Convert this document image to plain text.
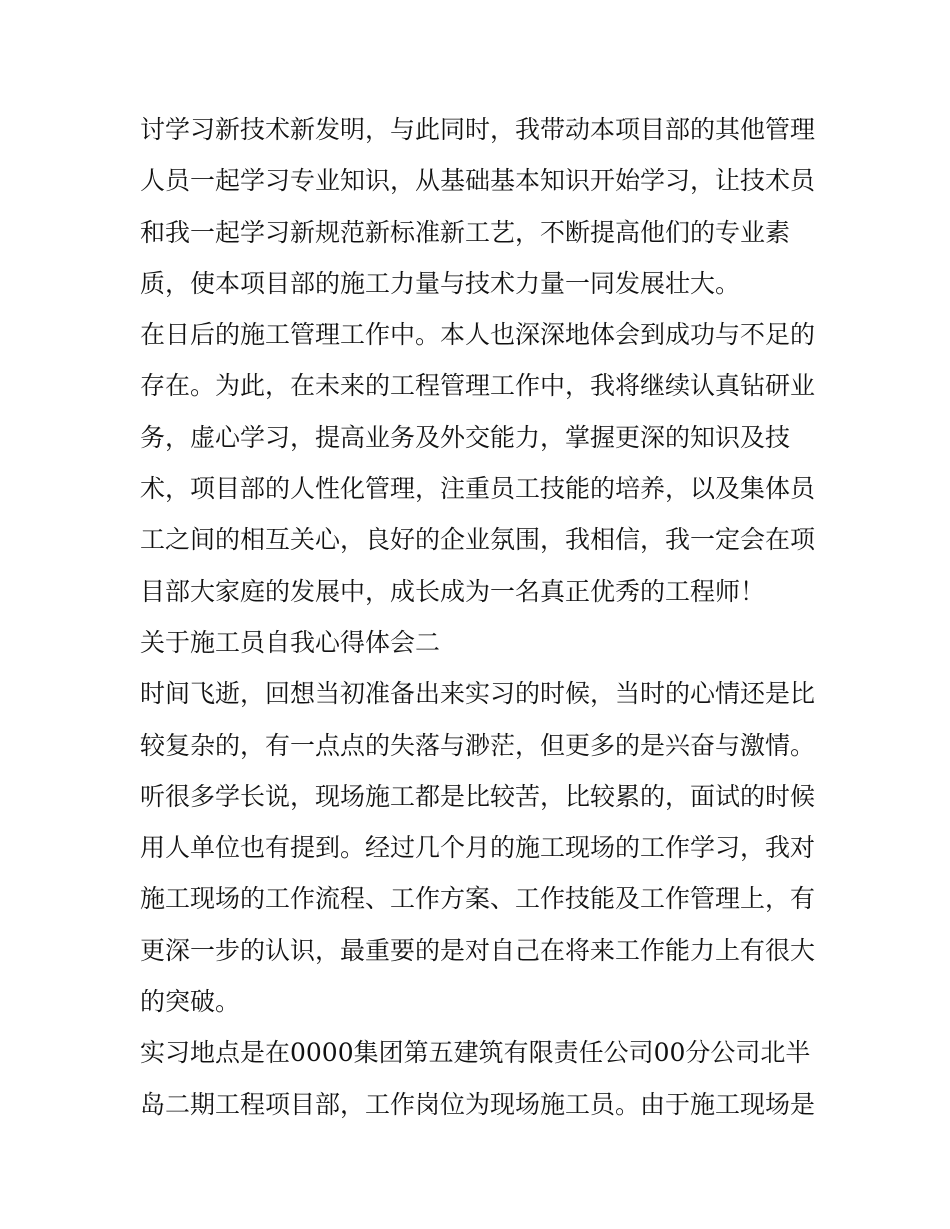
讨学习新技术新发明，与此同时，我带动本项目部的其他管理
人员一起学习专业知识，从基础基本知识开始学习，让技术员
和我一起学习新规范新标准新工艺，不断提高他们的专业素
质，使本项目部的施工力量与技术力量一同发展壮大。
在日后的施工管理工作中。本人也深深地体会到成功与不足的
存在。为此，在未来的工程管理工作中，我将继续认真钻研业
务，虚心学习，提高业务及外交能力，掌握更深的知识及技
术，项目部的人性化管理，注重员工技能的培养，以及集体员
工之间的相互关心，良好的企业氛围，我相信，我一定会在项
目部大家庭的发展中，成长成为一名真正优秀的工程师！
关于施工员自我心得体会二
时间飞逝，回想当初准备出来实习的时候，当时的心情还是比
较复杂的，有一点点的失落与渺茫，但更多的是兴奋与激情。
听很多学长说，现场施工都是比较苦，比较累的，面试的时候
用人单位也有提到。经过几个月的施工现场的工作学习，我对
施工现场的工作流程、工作方案、工作技能及工作管理上，有
更深一步的认识，最重要的是对自己在将来工作能力上有很大
的突破。
实习地点是在0000集团第五建筑有限责任公司00分公司北半
岛二期工程项目部，工作岗位为现场施工员。由于施工现场是
